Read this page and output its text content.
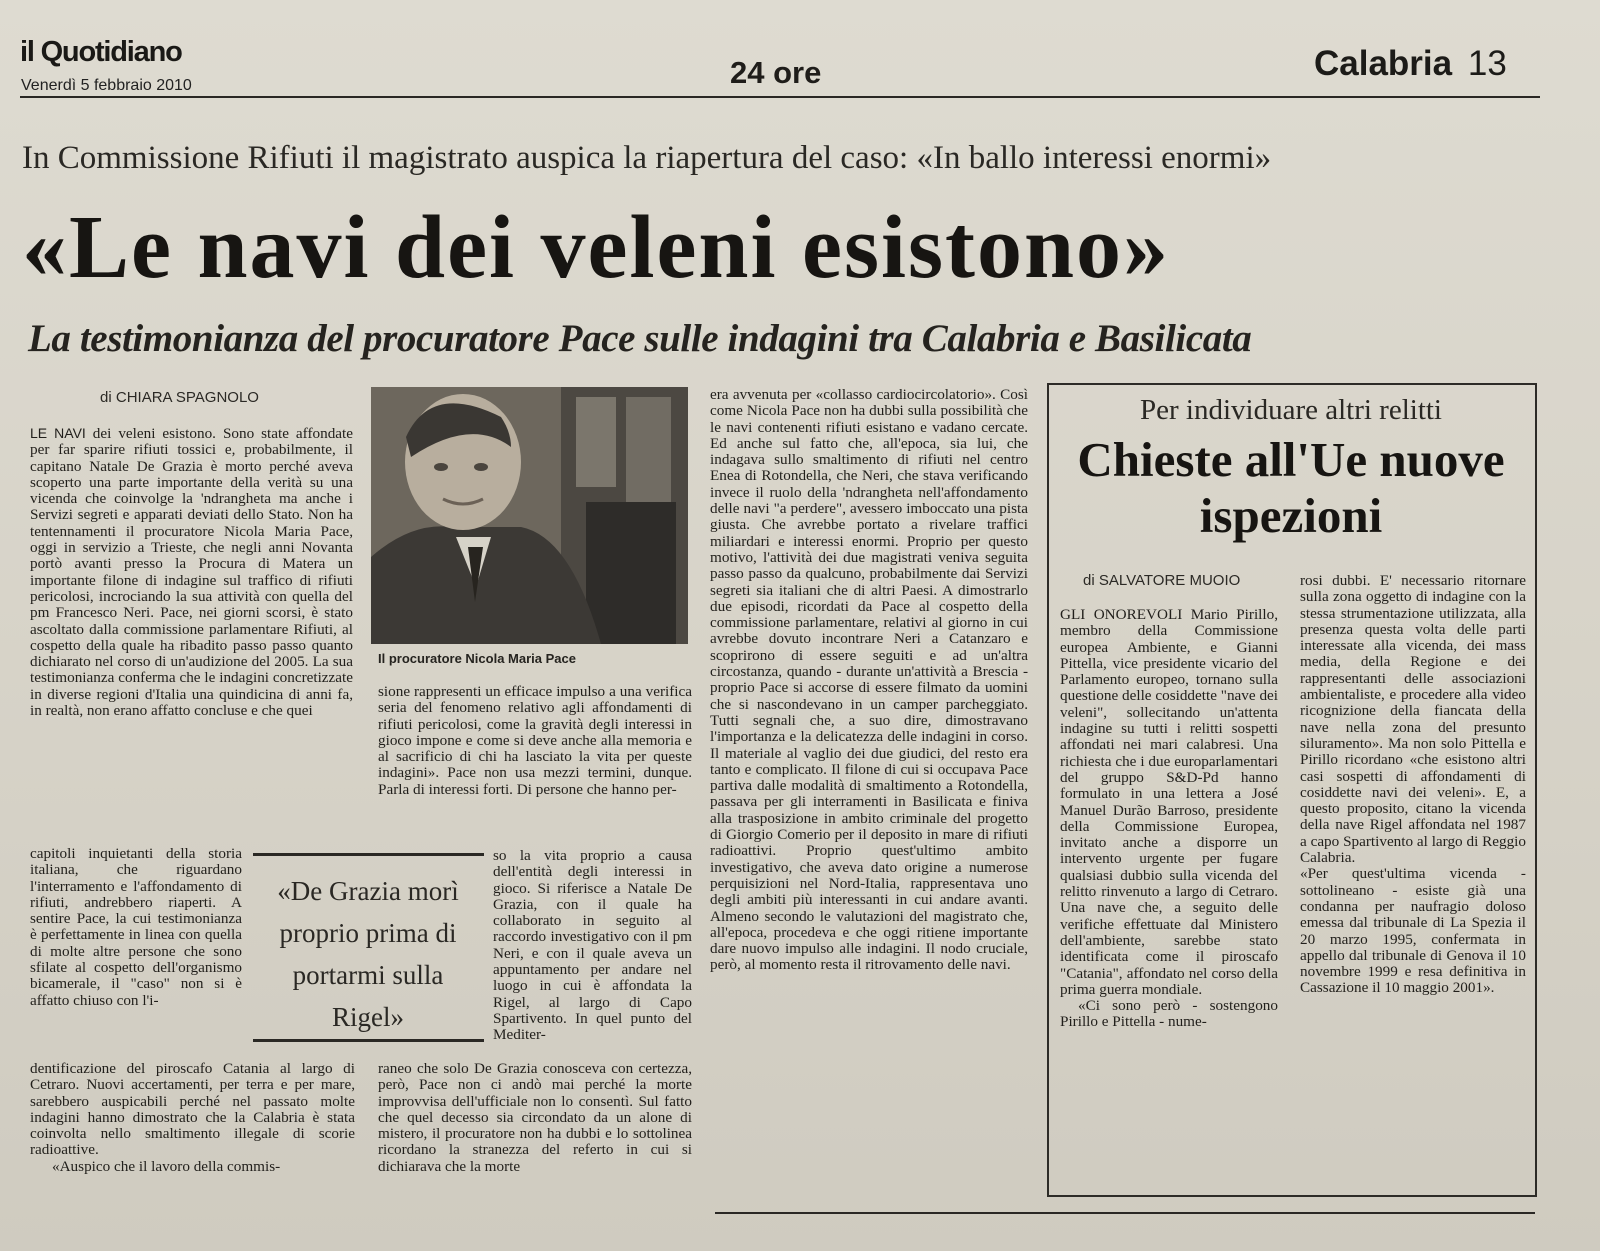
il Quotidiano
Venerdì 5 febbraio 2010	24 ore	Calabria 13
In Commissione Rifiuti il magistrato auspica la riapertura del caso: «In ballo interessi enormi»
«Le navi dei veleni esistono»
La testimonianza del procuratore Pace sulle indagini tra Calabria e Basilicata
di CHIARA SPAGNOLO
Il procuratore Nicola Maria Pace

LE NAVI dei veleni esistono. Sono state affondate per far sparire rifiuti tossici e, probabilmente, il capitano Natale De Grazia è morto perché aveva scoperto una parte importante della verità su una vicenda che coinvolge la 'ndrangheta ma anche i Servizi segreti e apparati deviati dello Stato. Non ha tentennamenti il procuratore Nicola Maria Pace, oggi in servizio a Trieste, che negli anni Novanta portò avanti presso la Procura di Matera un importante filone di indagine sul traffico di rifiuti pericolosi, incrociando la sua attività con quella del pm Francesco Neri. Pace, nei giorni scorsi, è stato ascoltato dalla commissione parlamentare Rifiuti, al cospetto della quale ha ribadito passo passo quanto dichiarato nel corso di un'audizione del 2005. La sua testimonianza conferma che le indagini concretizzate in diverse regioni d'Italia una quindicina di anni fa, in realtà, non erano affatto concluse e che quei

capitoli inquietanti della storia italiana, che riguardano l'interramento e l'affondamento di rifiuti, andrebbero riaperti. A sentire Pace, la cui testimonianza è perfettamente in linea con quella di molte altre persone che sono sfilate al cospetto dell'organismo bicamerale, il "caso" non si è affatto chiuso con l'i-

dentificazione del piroscafo Catania al largo di Cetraro. Nuovi accertamenti, per terra e per mare, sarebbero auspicabili perché nel passato molte indagini hanno dimostrato che la Calabria è stata coinvolta nello smaltimento illegale di scorie radioattive.

«Auspico che il lavoro della commis-

«De Grazia morì proprio prima di portarmi sulla Rigel»
sione rappresenti un efficace impulso a una verifica seria del fenomeno relativo agli affondamenti di rifiuti pericolosi, come la gravità degli interessi in gioco impone e come si deve anche alla memoria e al sacrificio di chi ha lasciato la vita per queste indagini». Pace non usa mezzi termini, dunque. Parla di interessi forti. Di persone che hanno per-
so la vita proprio a causa dell'entità degli interessi in gioco. Si riferisce a Natale De Grazia, con il quale ha collaborato in seguito al raccordo investigativo con il pm Neri, e con il quale aveva un appuntamento per andare nel luogo in cui è affondata la Rigel, al largo di Capo Spartivento. In quel punto del Mediter-
raneo che solo De Grazia conosceva con certezza, però, Pace non ci andò mai perché la morte improvvisa dell'ufficiale non lo consentì. Sul fatto che quel decesso sia circondato da un alone di mistero, il procuratore non ha dubbi e lo sottolinea ricordano la stranezza del referto in cui si dichiarava che la morte
era avvenuta per «collasso cardiocircolatorio». Così come Nicola Pace non ha dubbi sulla possibilità che le navi contenenti rifiuti esistano e vadano cercate. Ed anche sul fatto che, all'epoca, sia lui, che indagava sullo smaltimento di rifiuti nel centro Enea di Rotondella, che Neri, che stava verificando invece il ruolo della 'ndrangheta nell'affondamento delle navi "a perdere", avessero imboccato una pista giusta. Che avrebbe portato a rivelare traffici miliardari e interessi enormi. Proprio per questo motivo, l'attività dei due magistrati veniva seguita passo passo da qualcuno, probabilmente dai Servizi segreti sia italiani che di altri Paesi. A dimostrarlo due episodi, ricordati da Pace al cospetto della commissione parlamentare, relativi al giorno in cui avrebbe dovuto incontrare Neri a Catanzaro e scoprirono di essere seguiti e ad un'altra circostanza, quando - durante un'attività a Brescia - proprio Pace si accorse di essere filmato da uomini che si nascondevano in un camper parcheggiato. Tutti segnali che, a suo dire, dimostravano l'importanza e la delicatezza delle indagini in corso. Il materiale al vaglio dei due giudici, del resto era tanto e complicato. Il filone di cui si occupava Pace partiva dalle modalità di smaltimento a Rotondella, passava per gli interramenti in Basilicata e finiva alla trasposizione in ambito criminale del progetto di Giorgio Comerio per il deposito in mare di rifiuti radioattivi. Proprio quest'ultimo ambito investigativo, che aveva dato origine a numerose perquisizioni nel Nord-Italia, rappresentava uno degli ambiti più interessanti in cui andare avanti. Almeno secondo le valutazioni del magistrato che, all'epoca, procedeva e che oggi ritiene importante dare nuovo impulso alle indagini. Il nodo cruciale, però, al momento resta il ritrovamento delle navi.
Per individuare altri relitti
Chieste all'Ue nuove ispezioni
di SALVATORE MUOIO

GLI ONOREVOLI Mario Pirillo, membro della Commissione europea Ambiente, e Gianni Pittella, vice presidente vicario del Parlamento europeo, tornano sulla questione delle cosiddette "nave dei veleni", sollecitando un'attenta indagine su tutti i relitti sospetti affondati nei mari calabresi. Una richiesta che i due europarlamentari del gruppo S&D-Pd hanno formulato in una lettera a José Manuel Durão Barroso, presidente della Commissione Europea, invitato anche a disporre un intervento urgente per fugare qualsiasi dubbio sulla vicenda del relitto rinvenuto a largo di Cetraro. Una nave che, a seguito delle verifiche effettuate dal Ministero dell'ambiente, sarebbe stato identificata come il piroscafo "Catania", affondato nel corso della prima guerra mondiale.

«Ci sono però - sostengono Pirillo e Pittella - nume-

rosi dubbi. E' necessario ritornare sulla zona oggetto di indagine con la stessa strumentazione utilizzata, alla presenza questa volta delle parti interessate alla vicenda, dei mass media, della Regione e dei rappresentanti delle associazioni ambientaliste, e procedere alla video ricognizione della fiancata della nave nella zona del presunto siluramento». Ma non solo Pittella e Pirillo ricordano «che esistono altri casi sospetti di affondamenti di cosiddette navi dei veleni». E, a questo proposito, citano la vicenda della nave Rigel affondata nel 1987 a capo Spartivento al largo di Reggio Calabria.

«Per quest'ultima vicenda - sottolineano - esiste già una condanna per naufragio doloso emessa dal tribunale di La Spezia il 20 marzo 1995, confermata in appello dal tribunale di Genova il 10 novembre 1999 e resa definitiva in Cassazione il 10 maggio 2001».
